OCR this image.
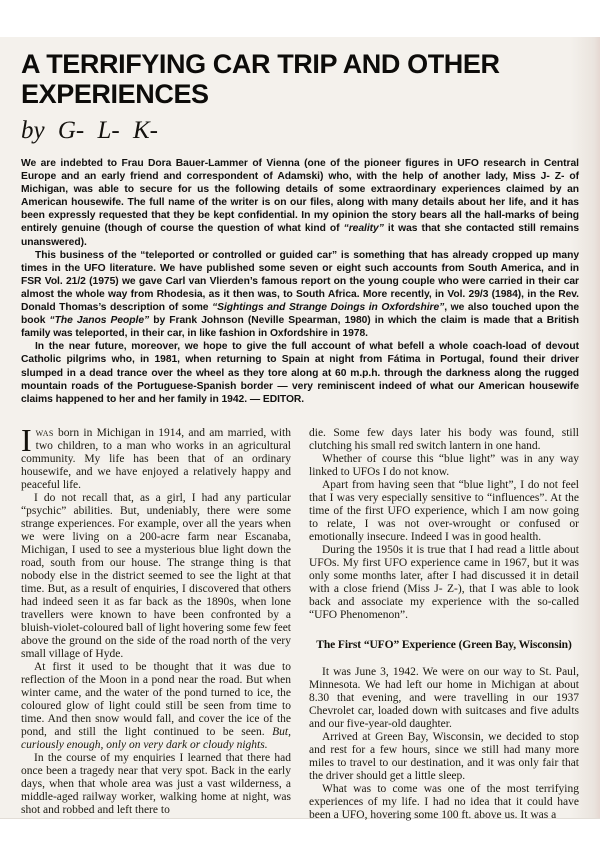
A TERRIFYING CAR TRIP AND OTHER
EXPERIENCES
by G- L- K-

We are indebted to Frau Dora Bauer-Lammer of Vienna (one of the pioneer figures in UFO research in Central Europe and an early friend and correspondent of Adamski) who, with the help of another lady, Miss J- Z- of Michigan, was able to secure for us the following details of some extraordinary experiences claimed by an American housewife. The full name of the writer is on our files, along with many details about her life, and it has been expressly requested that they be kept confidential. In my opinion the story bears all the hall-marks of being entirely genuine (though of course the question of what kind of “reality” it was that she contacted still remains unanswered).

This business of the “teleported or controlled or guided car” is something that has already cropped up many times in the UFO literature. We have published some seven or eight such accounts from South America, and in FSR Vol. 21/2 (1975) we gave Carl van Vlierden’s famous report on the young couple who were carried in their car almost the whole way from Rhodesia, as it then was, to South Africa. More recently, in Vol. 29/3 (1984), in the Rev. Donald Thomas’s description of some “Sightings and Strange Doings in Oxfordshire”, we also touched upon the book “The Janos People” by Frank Johnson (Neville Spearman, 1980) in which the claim is made that a British family was teleported, in their car, in like fashion in Oxfordshire in 1978.

In the near future, moreover, we hope to give the full account of what befell a whole coach-load of devout Catholic pilgrims who, in 1981, when returning to Spain at night from Fátima in Portugal, found their driver slumped in a dead trance over the wheel as they tore along at 60 m.p.h. through the darkness along the rugged mountain roads of the Portuguese-Spanish border — very reminiscent indeed of what our American housewife claims happened to her and her family in 1942. — EDITOR.

Iwas born in Michigan in 1914, and am married, with two children, to a man who works in an agricultural community. My life has been that of an ordinary housewife, and we have enjoyed a relatively happy and peaceful life.

I do not recall that, as a girl, I had any particular “psychic” abilities. But, undeniably, there were some strange experiences. For example, over all the years when we were living on a 200-acre farm near Escanaba, Michigan, I used to see a mysterious blue light down the road, south from our house. The strange thing is that nobody else in the district seemed to see the light at that time. But, as a result of enquiries, I discovered that others had indeed seen it as far back as the 1890s, when lone travellers were known to have been confronted by a bluish-violet-coloured ball of light hovering some few feet above the ground on the side of the road north of the very small village of Hyde.

At first it used to be thought that it was due to reflection of the Moon in a pond near the road. But when winter came, and the water of the pond turned to ice, the coloured glow of light could still be seen from time to time. And then snow would fall, and cover the ice of the pond, and still the light continued to be seen. But, curiously enough, only on very dark or cloudy nights.

In the course of my enquiries I learned that there had once been a tragedy near that very spot. Back in the early days, when that whole area was just a vast wilderness, a middle-aged railway worker, walking home at night, was shot and robbed and left there to

die. Some few days later his body was found, still clutching his small red switch lantern in one hand.

Whether of course this “blue light” was in any way linked to UFOs I do not know.

Apart from having seen that “blue light”, I do not feel that I was very especially sensitive to “influences”. At the time of the first UFO experience, which I am now going to relate, I was not over-wrought or confused or emotionally insecure. Indeed I was in good health.

During the 1950s it is true that I had read a little about UFOs. My first UFO experience came in 1967, but it was only some months later, after I had discussed it in detail with a close friend (Miss J- Z-), that I was able to look back and associate my experience with the so-called “UFO Phenomenon”.

The First “UFO” Experience (Green Bay, Wisconsin)

It was June 3, 1942. We were on our way to St. Paul, Minnesota. We had left our home in Michigan at about 8.30 that evening, and were travelling in our 1937 Chevrolet car, loaded down with suitcases and five adults and our five-year-old daughter.

Arrived at Green Bay, Wisconsin, we decided to stop and rest for a few hours, since we still had many more miles to travel to our destination, and it was only fair that the driver should get a little sleep.

What was to come was one of the most terrifying experiences of my life. I had no idea that it could have been a UFO, hovering some 100 ft. above us. It was a
